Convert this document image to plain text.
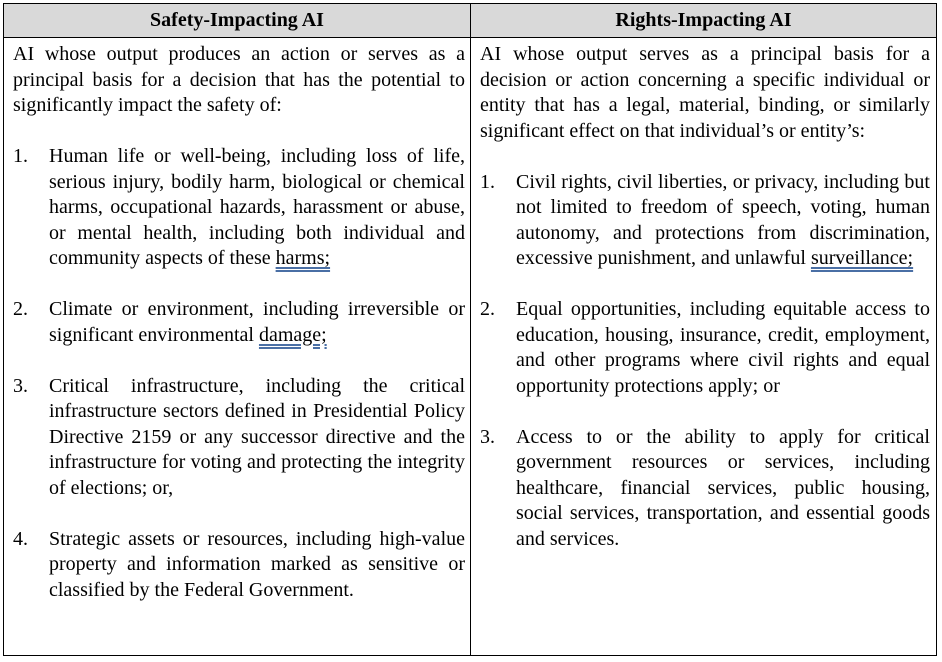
Safety-Impacting AI

AI whose output produces an action or serves as a principal basis for a decision that has the potential to significantly impact the safety of:

1.	Human life or well-being, including loss of life, serious injury, bodily harm, biological or chemical harms, occupational hazards, harassment or abuse, or mental health, including both individual and community aspects of these harms;
2.	Climate or environment, including irreversible or significant environmental damage;
3.	Critical infrastructure, including the critical infrastructure sectors defined in Presidential Policy Directive 2159 or any successor directive and the infrastructure for voting and protecting the integrity of elections; or,
4.	Strategic assets or resources, including high-value property and information marked as sensitive or classified by the Federal Government.
Rights-Impacting AI

AI whose output serves as a principal basis for a decision or action concerning a specific individual or entity that has a legal, material, binding, or similarly significant effect on that individual’s or entity’s:

1.	Civil rights, civil liberties, or privacy, including but not limited to freedom of speech, voting, human autonomy, and protections from discrimination, excessive punishment, and unlawful surveillance;
2.	Equal opportunities, including equitable access to education, housing, insurance, credit, employment, and other programs where civil rights and equal opportunity protections apply; or
3.	Access to or the ability to apply for critical government resources or services, including healthcare, financial services, public housing, social services, transportation, and essential goods and services.
